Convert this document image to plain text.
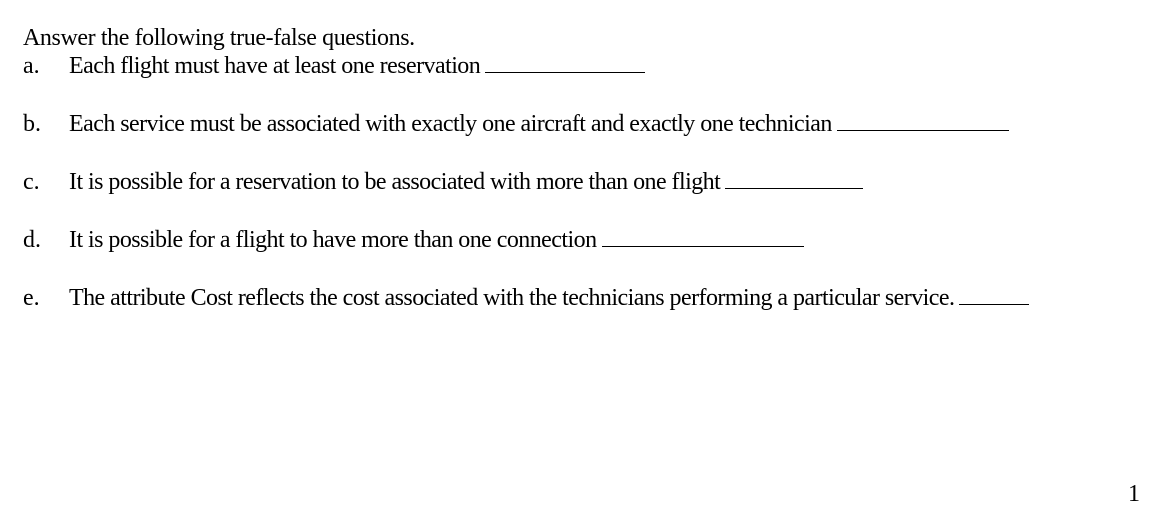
Answer the following true-false questions.
a.	Each flight must have at least one reservation
b.	Each service must be associated with exactly one aircraft and exactly one technician
c.	It is possible for a reservation to be associated with more than one flight
d.	It is possible for a flight to have more than one connection
e.	The attribute Cost reflects the cost associated with the technicians performing a particular service.
1
